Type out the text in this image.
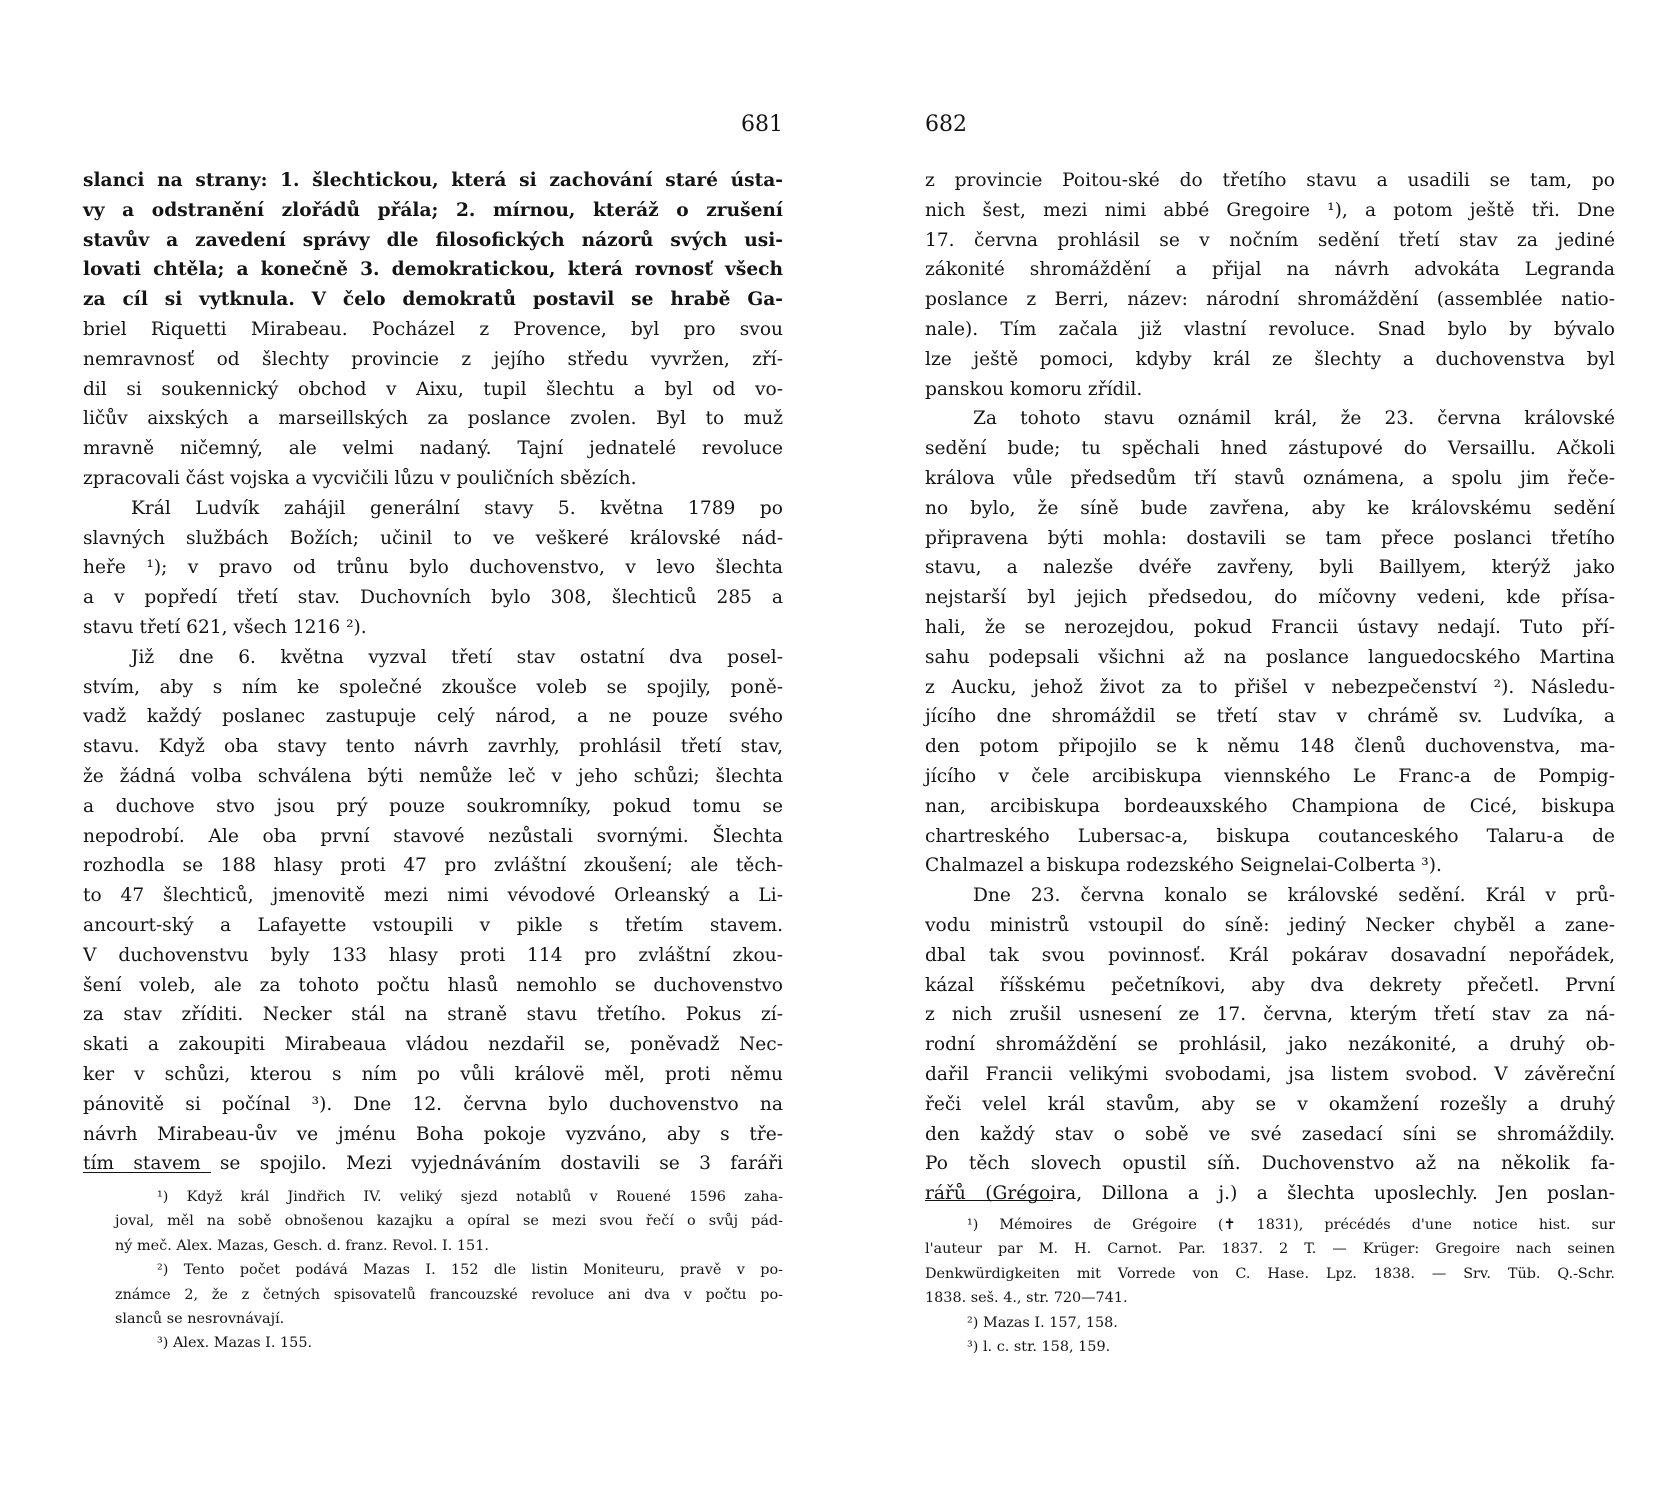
681
slanci na strany: 1. šlechtickou, která si zachování staré ústa-
vy a odstranění zlořádů přála; 2. mírnou, kteráž o zrušení
stavův a zavedení správy dle filosofických názorů svých usi-
lovati chtěla; a konečně 3. demokratickou, která rovnosť všech
za cíl si vytknula. V čelo demokratů postavil se hrabě Ga-
briel Riquetti Mirabeau. Pocházel z Provence, byl pro svou
nemravnosť od šlechty provincie z jejího středu vyvržen, zří-
dil si soukennický obchod v Aixu, tupil šlechtu a byl od vo-
ličův aixských a marseillských za poslance zvolen. Byl to muž
mravně ničemný, ale velmi nadaný. Tajní jednatelé revoluce
zpracovali část vojska a vycvičili lůzu v pouličních sbězích.
Král Ludvík zahájil generální stavy 5. května 1789 po
slavných službách Božích; učinil to ve veškeré královské nád-
heře ¹); v pravo od trůnu bylo duchovenstvo, v levo šlechta
a v popředí třetí stav. Duchovních bylo 308, šlechticů 285 a
stavu třetí 621, všech 1216 ²).
Již dne 6. května vyzval třetí stav ostatní dva posel-
stvím, aby s ním ke společné zkoušce voleb se spojily, poně-
vadž každý poslanec zastupuje celý národ, a ne pouze svého
stavu. Když oba stavy tento návrh zavrhly, prohlásil třetí stav,
že žádná volba schválena býti nemůže leč v jeho schůzi; šlechta
a duchove stvo jsou prý pouze soukromníky, pokud tomu se
nepodrobí. Ale oba první stavové nezůstali svornými. Šlechta
rozhodla se 188 hlasy proti 47 pro zvláštní zkoušení; ale těch-
to 47 šlechticů, jmenovitě mezi nimi vévodové Orleanský a Li-
ancourt-ský a Lafayette vstoupili v pikle s třetím stavem.
V duchovenstvu byly 133 hlasy proti 114 pro zvláštní zkou-
šení voleb, ale za tohoto počtu hlasů nemohlo se duchovenstvo
za stav zříditi. Necker stál na straně stavu třetího. Pokus zí-
skati a zakoupiti Mirabeaua vládou nezdařil se, poněvadž Nec-
ker v schůzi, kterou s ním po vůli královë měl, proti němu
pánovitě si počínal ³). Dne 12. června bylo duchovenstvo na
návrh Mirabeau-ův ve jménu Boha pokoje vyzváno, aby s tře-
tím stavem se spojilo. Mezi vyjednáváním dostavili se 3 faráři
¹) Když král Jindřich IV. veliký sjezd notablů v Rouené 1596 zaha-
joval, měl na sobě obnošenou kazajku a opíral se mezi svou řečí o svůj pád-
ný meč. Alex. Mazas, Gesch. d. franz. Revol. I. 151.
²) Tento počet podává Mazas I. 152 dle listin Moniteuru, pravě v po-
známce 2, že z četných spisovatelů francouzské revoluce ani dva v počtu po-
slanců se nesrovnávají.
³) Alex. Mazas I. 155.
682
z provincie Poitou-ské do třetího stavu a usadili se tam, po
nich šest, mezi nimi abbé Gregoire ¹), a potom ještě tři. Dne
17. června prohlásil se v nočním sedění třetí stav za jediné
zákonité shromáždění a přijal na návrh advokáta Legranda
poslance z Berri, název: národní shromáždění (assemblée natio-
nale). Tím začala již vlastní revoluce. Snad bylo by bývalo
lze ještě pomoci, kdyby král ze šlechty a duchovenstva byl
panskou komoru zřídil.
Za tohoto stavu oznámil král, že 23. června královské
sedění bude; tu spěchali hned zástupové do Versaillu. Ačkoli
králova vůle předsedům tří stavů oznámena, a spolu jim řeče-
no bylo, že síně bude zavřena, aby ke královskému sedění
připravena býti mohla: dostavili se tam přece poslanci třetího
stavu, a nalezše dvéře zavřeny, byli Baillyem, kterýž jako
nejstarší byl jejich předsedou, do míčovny vedeni, kde přísa-
hali, že se nerozejdou, pokud Francii ústavy nedají. Tuto pří-
sahu podepsali všichni až na poslance languedocského Martina
z Aucku, jehož život za to přišel v nebezpečenství ²). Následu-
jícího dne shromáždil se třetí stav v chrámě sv. Ludvíka, a
den potom připojilo se k němu 148 členů duchovenstva, ma-
jícího v čele arcibiskupa viennského Le Franc-a de Pompig-
nan, arcibiskupa bordeauxského Championa de Cicé, biskupa
chartreského Lubersac-a, biskupa coutanceského Talaru-a de
Chalmazel a biskupa rodezského Seignelai-Colberta ³).
Dne 23. června konalo se královské sedění. Král v prů-
vodu ministrů vstoupil do síně: jediný Necker chyběl a zane-
dbal tak svou povinnosť. Král pokárav dosavadní nepořádek,
kázal říšskému pečetníkovi, aby dva dekrety přečetl. První
z nich zrušil usnesení ze 17. června, kterým třetí stav za ná-
rodní shromáždění se prohlásil, jako nezákonité, a druhý ob-
dařil Francii velikými svobodami, jsa listem svobod. V závěreční
řeči velel král stavům, aby se v okamžení rozešly a druhý
den každý stav o sobě ve své zasedací síni se shromáždily.
Po těch slovech opustil síň. Duchovenstvo až na několik fa-
rářů (Grégoira, Dillona a j.) a šlechta uposlechly. Jen poslan-
¹) Mémoires de Grégoire (✝ 1831), précédés d'une notice hist. sur
l'auteur par M. H. Carnot. Par. 1837. 2 T. — Krüger: Gregoire nach seinen
Denkwürdigkeiten mit Vorrede von C. Hase. Lpz. 1838. — Srv. Tüb. Q.-Schr.
1838. seš. 4., str. 720—741.
²) Mazas I. 157, 158.
³) l. c. str. 158, 159.
